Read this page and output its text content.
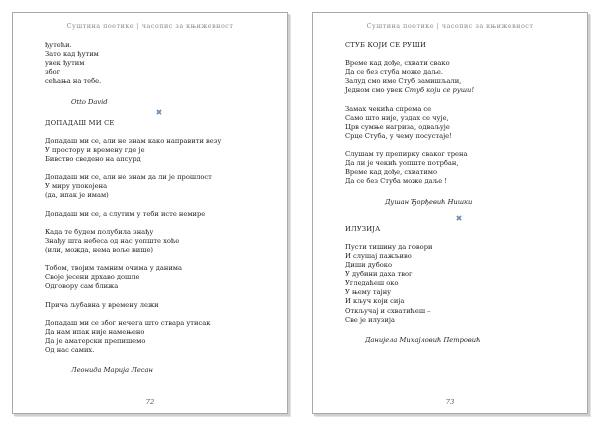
Суштина поетике | часопис за књижевност
ђутећи.
Зато кад ђутим
увек ђутим
због
сећања на тебе.
Otto David
✖
ДОПАДАШ МИ СЕ
Допадаш ми се, али не знам како направити везу
У простору и времену где је
Бивство сведено на апсурд
Допадаш ми се, али не знам да ли је прошлост
У миру упокојена
(да, ипак је имам)
Допадаш ми се, а слутим у теби исте немире
Када те будем полубила знађу
Знађу шта небеса од нас уопште хоће
(или, можда, нема воље више)
Тобом, твојим тамним очима у данима
Своје јесени дрхаво дошле
Одговору сам ближа
Прича љубавна у времену лежи
Допадаш ми се због нечега што ствара утисак
Да нам ипак није намењено
Да је аматерски препишемо
Од нас самих.
Леонида Марија Лесан
72
Суштина поетике | часопис за књижевност
СТУБ КОЈИ СЕ РУШИ
Време кад дође, схвати свако
Да се без стуба може даље.
Залуд смо име Стуб замишљали,
Једном смо увек Стуб који се руши!
Замах чекића спрема се
Само што није, уздах се чује,
Црв сумње нагриза, одваљује
Срце Стуба, у чему посустаје!
Слушам ту препирку сваког трена
Да ли је чекић уопште потрбан,
Време кад дође, схватимо
Да се без Стуба може даље !
Душан Ђорђевић Нишки
✖
ИЛУЗИЈА
Пусти тишину да говори
И слушај пажљиво
Диши дубоко
У дубини даха твог
Угледаћеш око
У њему тајну
И кључ који сија
Откључај и схватићеш –
Све је илузија
Данијела Михајловић Петровић
73
